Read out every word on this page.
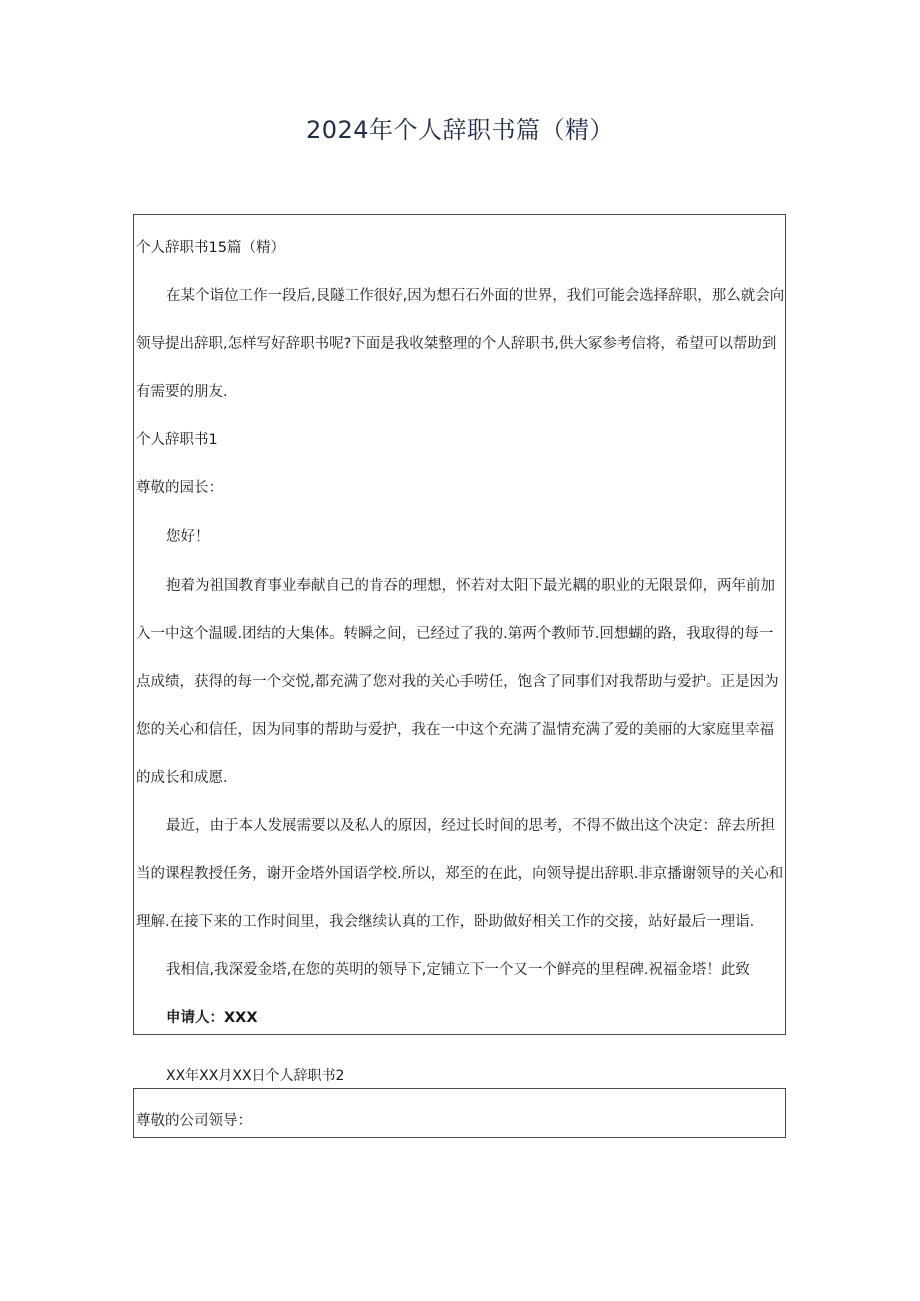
2024年个人辞职书篇（精）
个人辞职书15篇（精）
在某个诣位工作一段后,艮隧工作很好,因为想石石外面的世界，我们可能会选择辞职，那么就会向
领导提出辞职,怎样写好辞职书呢?下面是我收桀整理的个人辞职书,供大冢参考信将，希望可以帮助到
有需要的朋友.
个人辞职书1
尊敬的园长：
您好！
抱着为祖国教育事业奉献自己的肯吞的理想，怀若对太阳下最光耦的职业的无限景仰，两年前加
入一中这个温暖.团结的大集体。转瞬之间，已经过了我的.第两个教师节.回想蝴的路，我取得的每一
点成绩，获得的每一个交悦,都充满了您对我的关心手唠任，饱含了同事们对我帮助与爱护。正是因为
您的关心和信任，因为同事的帮助与爱护，我在一中这个充满了温情充满了爱的美丽的大家庭里幸福
的成长和成愿.
最近，由于本人发展需要以及私人的原因，经过长时间的思考，不得不做出这个决定：辞去所担
当的课程教授任务，谢开金塔外国语学校.所以，郑至的在此，向领导提出辞职.非京播谢领导的关心和
理解.在接下来的工作时间里，我会继续认真的工作，卧助做好相关工作的交接，站好最后一理诣.
我相信,我深爱金塔,在您的英明的领导下,定铺立下一个又一个鲜亮的里程碑.祝福金塔！此致
申请人：XXX
XX年XX月XX日个人辞职书2
尊敬的公司领导：
